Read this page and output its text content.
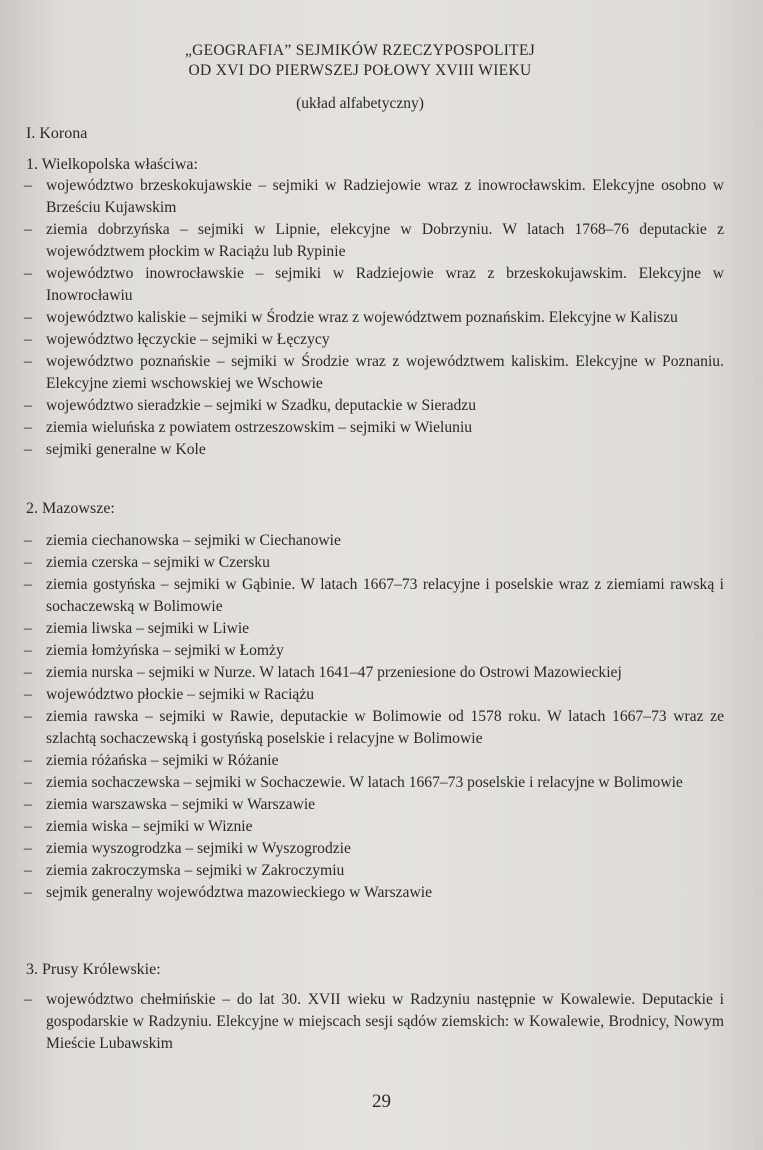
„GEOGRAFIA” SEJMIKÓW RZECZYPOSPOLITEJ
OD XVI DO PIERWSZEJ POŁOWY XVIII WIEKU
(układ alfabetyczny)
I. Korona
1. Wielkopolska właściwa:
– województwo brzeskokujawskie – sejmiki w Radziejowie wraz z inowrocławskim. Elekcyjne osobno w Brześciu Kujawskim
– ziemia dobrzyńska – sejmiki w Lipnie, elekcyjne w Dobrzyniu. W latach 1768–76 deputackie z województwem płockim w Raciążu lub Rypinie
– województwo inowrocławskie – sejmiki w Radziejowie wraz z brzeskokujawskim. Elekcyjne w Inowrocławiu
– województwo kaliskie – sejmiki w Środzie wraz z województwem poznańskim. Elekcyjne w Kaliszu
– województwo łęczyckie – sejmiki w Łęczycy
– województwo poznańskie – sejmiki w Środzie wraz z województwem kaliskim. Elekcyjne w Poznaniu. Elekcyjne ziemi wschowskiej we Wschowie
– województwo sieradzkie – sejmiki w Szadku, deputackie w Sieradzu
– ziemia wieluńska z powiatem ostrzeszowskim – sejmiki w Wieluniu
– sejmiki generalne w Kole
2. Mazowsze:
– ziemia ciechanowska – sejmiki w Ciechanowie
– ziemia czerska – sejmiki w Czersku
– ziemia gostyńska – sejmiki w Gąbinie. W latach 1667–73 relacyjne i poselskie wraz z ziemiami rawską i sochaczewską w Bolimowie
– ziemia liwska – sejmiki w Liwie
– ziemia łomżyńska – sejmiki w Łomży
– ziemia nurska – sejmiki w Nurze. W latach 1641–47 przeniesione do Ostrowi Mazowieckiej
– województwo płockie – sejmiki w Raciążu
– ziemia rawska – sejmiki w Rawie, deputackie w Bolimowie od 1578 roku. W latach 1667–73 wraz ze szlachtą sochaczewską i gostyńską poselskie i relacyjne w Bolimowie
– ziemia różańska – sejmiki w Różanie
– ziemia sochaczewska – sejmiki w Sochaczewie. W latach 1667–73 poselskie i relacyjne w Bolimowie
– ziemia warszawska – sejmiki w Warszawie
– ziemia wiska – sejmiki w Wiznie
– ziemia wyszogrodzka – sejmiki w Wyszogrodzie
– ziemia zakroczymska – sejmiki w Zakroczymiu
– sejmik generalny województwa mazowieckiego w Warszawie
3. Prusy Królewskie:
– województwo chełmińskie – do lat 30. XVII wieku w Radzyniu następnie w Kowalewie. Deputackie i gospodarskie w Radzyniu. Elekcyjne w miejscach sesji sądów ziemskich: w Kowalewie, Brodnicy, Nowym Mieście Lubawskim
29
